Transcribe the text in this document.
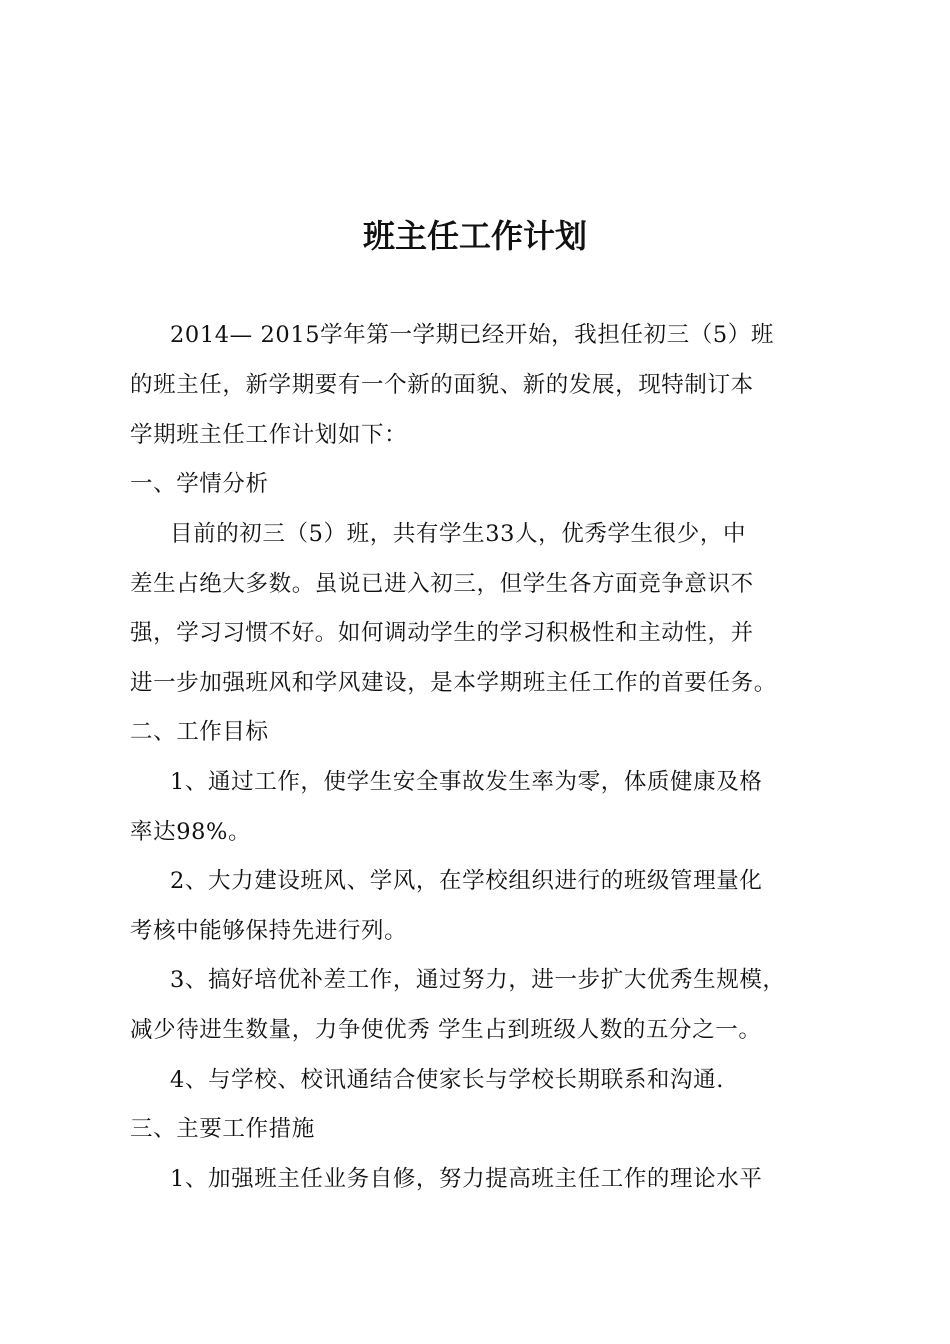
班主任工作计划
2014— 2015学年第一学期已经开始，我担任初三（5）班
的班主任，新学期要有一个新的面貌、新的发展，现特制订本
学期班主任工作计划如下：
一、学情分析
目前的初三（5）班，共有学生33人，优秀学生很少，中
差生占绝大多数。虽说已进入初三，但学生各方面竞争意识不
强，学习习惯不好。如何调动学生的学习积极性和主动性，并
进一步加强班风和学风建设，是本学期班主任工作的首要任务。
二、工作目标
1、通过工作，使学生安全事故发生率为零，体质健康及格
率达98%。
2、大力建设班风、学风，在学校组织进行的班级管理量化
考核中能够保持先进行列。
3、搞好培优补差工作，通过努力，进一步扩大优秀生规模，
减少待进生数量，力争使优秀 学生占到班级人数的五分之一。
4、与学校、校讯通结合使家长与学校长期联系和沟通.
三、主要工作措施
1、加强班主任业务自修，努力提高班主任工作的理论水平
